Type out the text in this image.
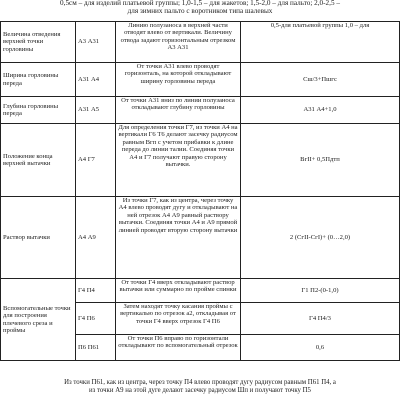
0,5см – для изделий платьевой группы; 1,0-1,5 – для жакетов; 1,5-2,0 – для пальто; 2,0-2,5 –
для зимних пальто с воротником типа шалевых
Величина отведения верхней точки горловины	А3 А31	Линию полузаноса в верхней части отводят влево от вертикали. Величину отвода задают горизонтальным отрезком А3 А31	0,5-для платьевой группы 1,0 – для
Ширина горловины переда	А31 А4	От точки А31 влево проводят горизонталь, на которой откладывают ширину горловины переда	Сш/3+Пшгс
Глубина горловины переда	А31 А5	От точки А31 вниз по линии полузаноса откладывают глубину горловины	А31 А4+1,0
Положение конца верхней вытачки	А4 Г7	Для определения точки Г7, из точки А4 на вертикали Г6 Т6 делают засечку радиусом равным Вгп с учетом прибавки к длине переда до линии талии. Соединяя точки А4 и Г7 получают правую сторону вытачки.	ВгII+ 0,5Пдтп
Раствор вытачки	А4 А9	Из точки Г7, как из центра, через точку А4 влево проводят дугу и откладывают на ней отрезок А4 А9 равный раствору вытачки. Соединяя точки А4 и А9 прямой линией проводят вторую сторону вытачки	2 (СгII-СгI)+ (0…2,0)
Вспомогательные точки для построения плечевого среза и проймы	Г4 П4	От точки Г4 вверх откладывают раствор вытачки или суммарно по пройме спинки	Г1 П2-(0-1,0)
	Г4 П6	Затем находят точку касания проймы с вертикалью по отрезок а2, откладывая от точки Г4 вверх отрезок Г4 П6	Г4 П4/3
	П6 П61	От точки П6 вправо по горизонтали откладывают по вспомогательный отрезок	0,6
Из точки П61, как из центра, через точку П4 влево проводят дугу радиусом равным П61 П4, а
из точки А9 на этой дуге делают засечку радиусом Шп и получают точку П5
